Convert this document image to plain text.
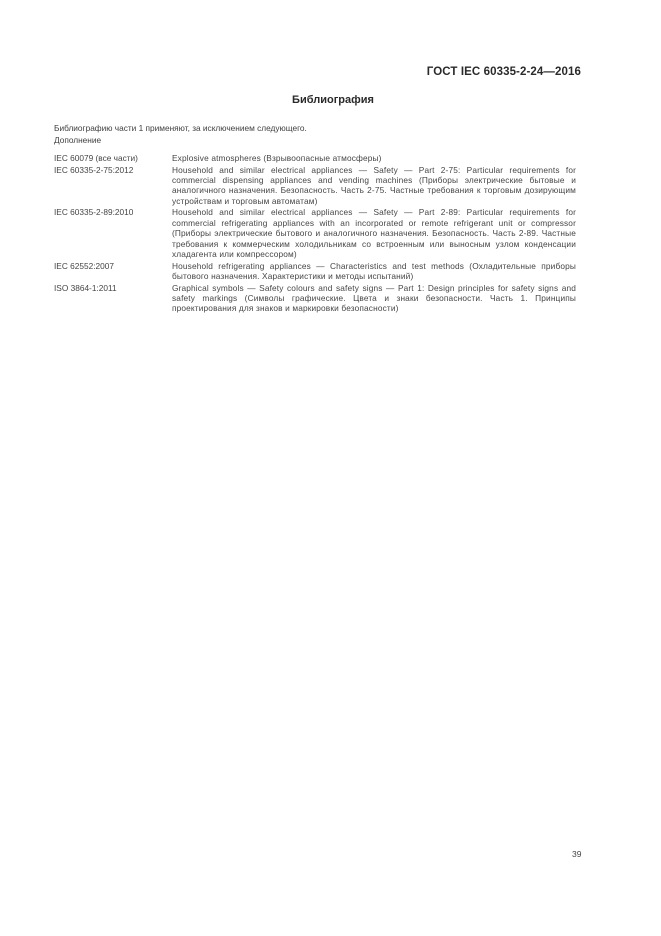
ГОСТ IEC 60335-2-24—2016
Библиография
Библиографию части 1 применяют, за исключением следующего.
Дополнение
IEC 60079 (все части)	Explosive atmospheres (Взрывоопасные атмосферы)
IEC 60335-2-75:2012	Household and similar electrical appliances — Safety — Part 2-75: Particular requirements for commercial dispensing appliances and vending machines (Приборы электрические бытовые и аналогичного назначения. Безопасность. Часть 2-75. Частные требования к торговым дозирующим устройствам и торговым автоматам)
IEC 60335-2-89:2010	Household and similar electrical appliances — Safety — Part 2-89: Particular requirements for commercial refrigerating appliances with an incorporated or remote refrigerant unit or compressor (Приборы электрические бытового и аналогичного назначения. Безопасность. Часть 2-89. Частные требования к коммерческим холодильникам со встроенным или выносным узлом конденсации хладагента или компрессором)
IEC 62552:2007	Household refrigerating appliances — Characteristics and test methods (Охладительные приборы бытового назначения. Характеристики и методы испытаний)
ISO 3864-1:2011	Graphical symbols — Safety colours and safety signs — Part 1: Design principles for safety signs and safety markings (Символы графические. Цвета и знаки безопасности. Часть 1. Принципы проектирования для знаков и маркировки безопасности)
39
